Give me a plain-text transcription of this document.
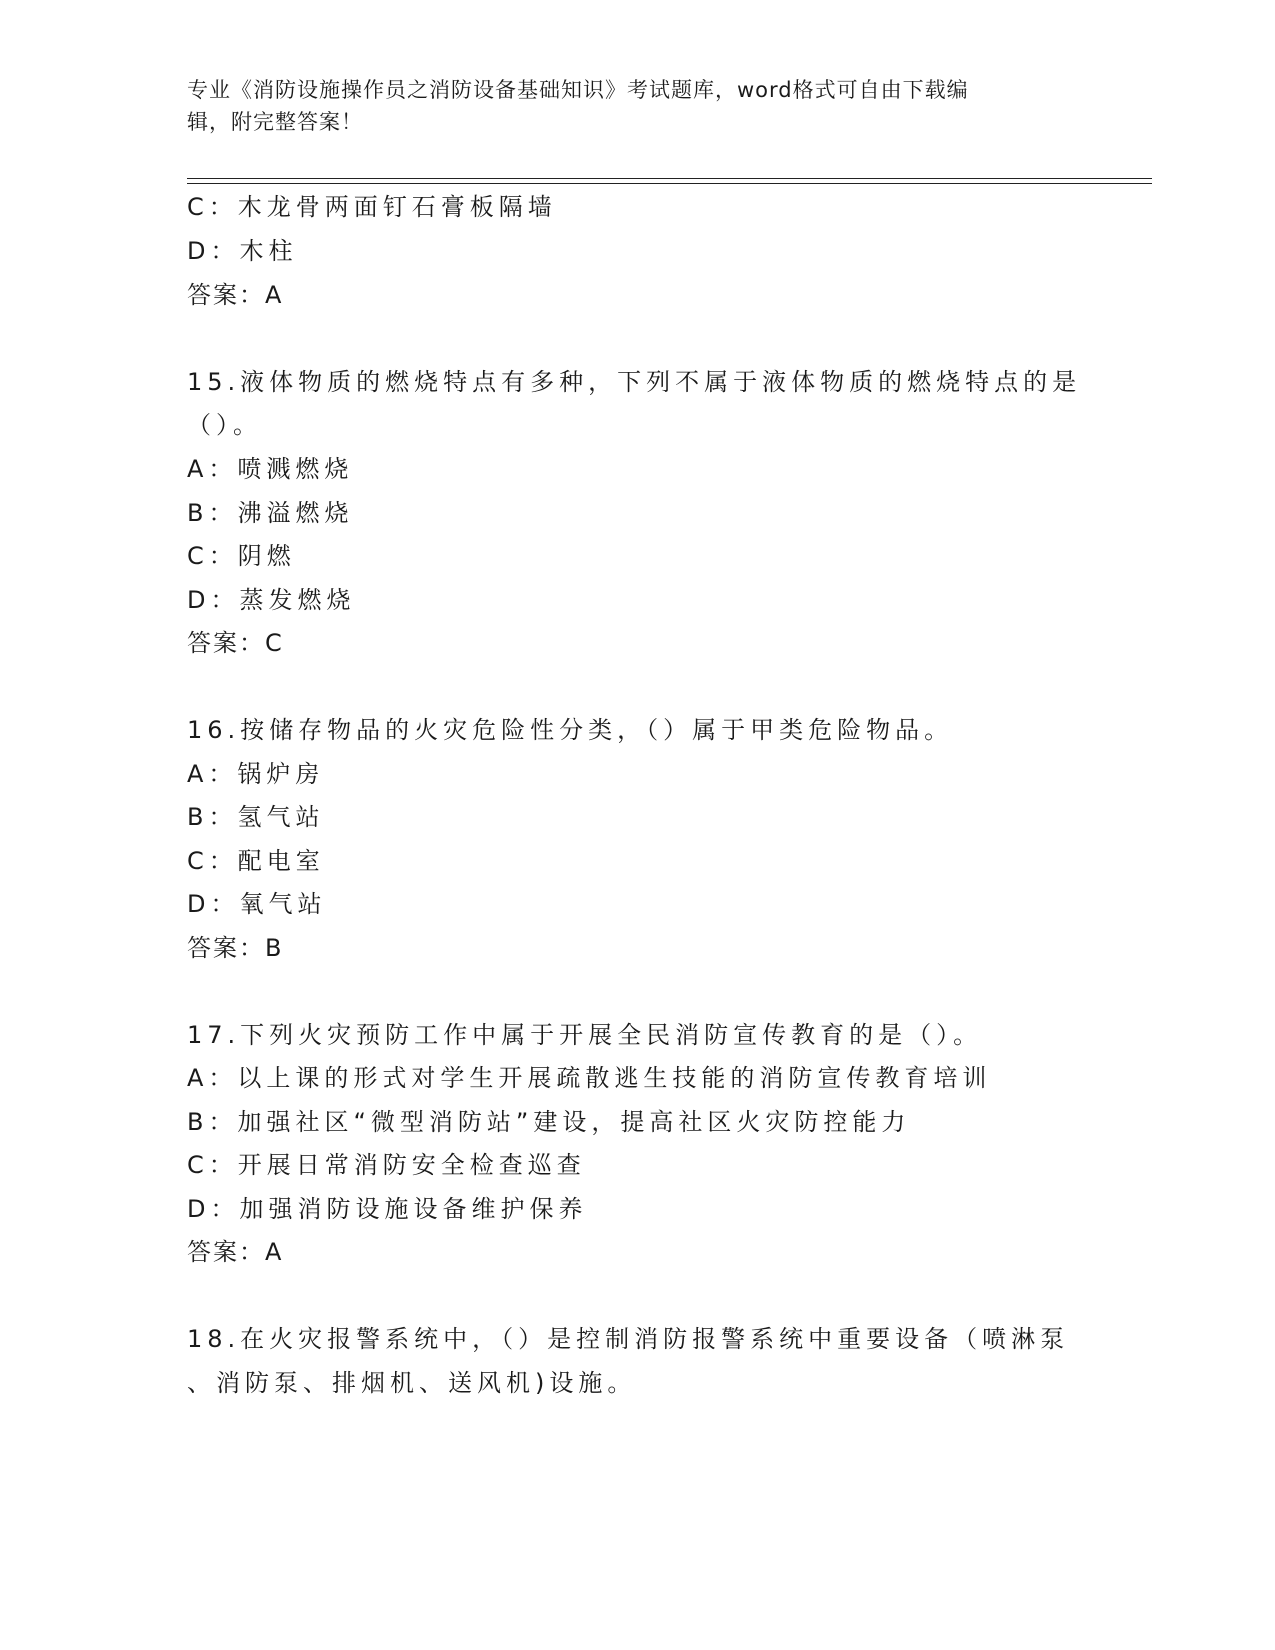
专业《消防设施操作员之消防设备基础知识》考试题库，word格式可自由下载编
辑，附完整答案！
C：木龙骨两面钉石膏板隔墙
D：木柱
答案：A
15.液体物质的燃烧特点有多种，下列不属于液体物质的燃烧特点的是
（）。
A：喷溅燃烧
B：沸溢燃烧
C：阴燃
D：蒸发燃烧
答案：C
16.按储存物品的火灾危险性分类，（）属于甲类危险物品。
A：锅炉房
B：氢气站
C：配电室
D：氧气站
答案：B
17.下列火灾预防工作中属于开展全民消防宣传教育的是（）。
A：以上课的形式对学生开展疏散逃生技能的消防宣传教育培训
B：加强社区“微型消防站”建设，提高社区火灾防控能力
C：开展日常消防安全检查巡查
D：加强消防设施设备维护保养
答案：A
18.在火灾报警系统中，（）是控制消防报警系统中重要设备（喷淋泵
、消防泵、排烟机、送风机)设施。
